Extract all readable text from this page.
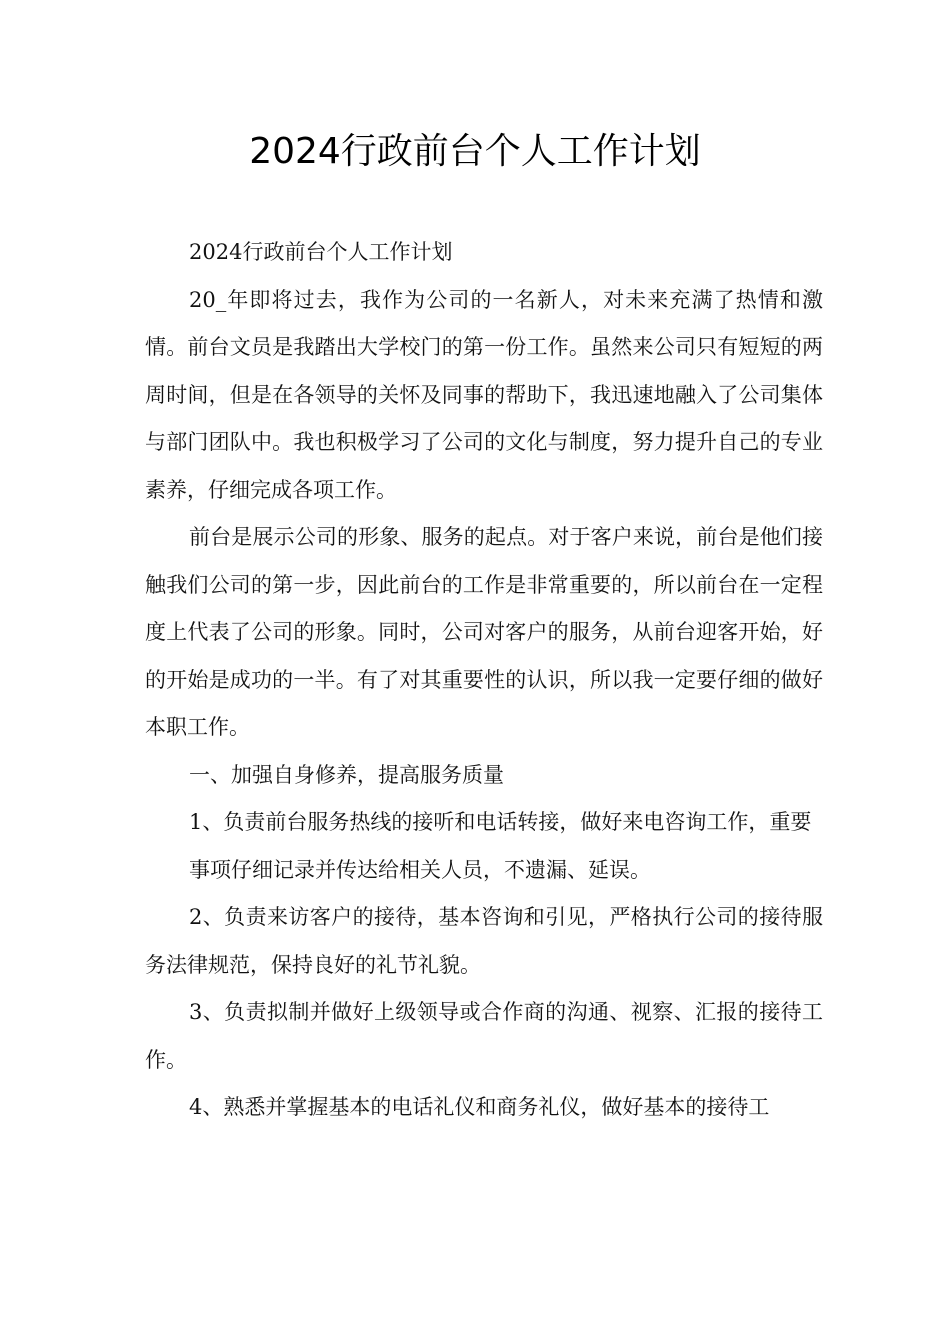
2024行政前台个人工作计划

2024行政前台个人工作计划

20_年即将过去，我作为公司的一名新人，对未来充满了热情和激情。前台文员是我踏出大学校门的第一份工作。虽然来公司只有短短的两周时间，但是在各领导的关怀及同事的帮助下，我迅速地融入了公司集体与部门团队中。我也积极学习了公司的文化与制度，努力提升自己的专业素养，仔细完成各项工作。

前台是展示公司的形象、服务的起点。对于客户来说，前台是他们接触我们公司的第一步，因此前台的工作是非常重要的，所以前台在一定程度上代表了公司的形象。同时，公司对客户的服务，从前台迎客开始，好的开始是成功的一半。有了对其重要性的认识，所以我一定要仔细的做好本职工作。

一、加强自身修养，提高服务质量

1、负责前台服务热线的接听和电话转接，做好来电咨询工作，重要

事项仔细记录并传达给相关人员，不遗漏、延误。

2、负责来访客户的接待，基本咨询和引见，严格执行公司的接待服务法律规范，保持良好的礼节礼貌。

3、负责拟制并做好上级领导或合作商的沟通、视察、汇报的接待工作。

4、熟悉并掌握基本的电话礼仪和商务礼仪，做好基本的接待工
